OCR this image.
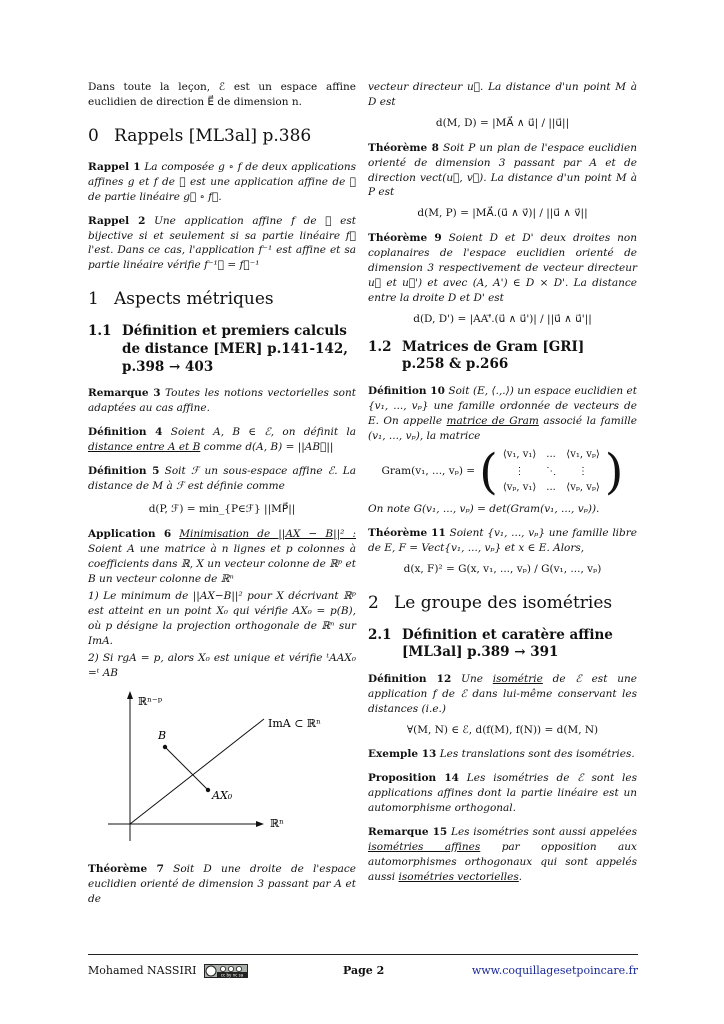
Dans toute la leçon, ℰ est un espace affine euclidien de direction E⃗ de dimension n.

0 Rappels [ML3al] p.386

Rappel 1 La composée g ∘ f de deux applications affines g et f de ℰ est une application affine de ℰ de partie linéaire g⃗ ∘ f⃗.

Rappel 2 Une application affine f de ℰ est bijective si et seulement si sa partie linéaire f⃗ l'est. Dans ce cas, l'application f⁻¹ est affine et sa partie linéaire vérifie f⁻¹⃗ = f⃗⁻¹

1 Aspects métriques
1.1 Définition et premiers calculs de distance [MER] p.141-142, p.398 → 403

Remarque 3 Toutes les notions vectorielles sont adaptées au cas affine.

Définition 4 Soient A, B ∈ ℰ, on définit la distance entre A et B comme d(A, B) = ||AB⃗||

Définition 5 Soit ℱ un sous-espace affine ℰ. La distance de M à ℱ est définie comme

d(P, ℱ) = min_{P∈ℱ} ||MP⃗||

Application 6 Minimisation de ||AX − B||² : Soient A une matrice à n lignes et p colonnes à coefficients dans ℝ, X un vecteur colonne de ℝᵖ et B un vecteur colonne de ℝⁿ

1) Le minimum de ||AX−B||² pour X décrivant ℝᵖ est atteint en un point X₀ qui vérifie AX₀ = p(B), où p désigne la projection orthogonale de ℝⁿ sur ImA.

2) Si rgA = p, alors X₀ est unique et vérifie ᵗAAX₀ =ᵗ AB

ℝⁿ⁻ᵖ
ℝⁿ
ImA ⊂ ℝⁿ
B
AX₀

Théorème 7 Soit D une droite de l'espace euclidien orienté de dimension 3 passant par A et de

vecteur directeur u⃗. La distance d'un point M à D est

d(M, D) = |MA⃗ ∧ u⃗| / ||u⃗||

Théorème 8 Soit P un plan de l'espace euclidien orienté de dimension 3 passant par A et de direction vect(u⃗, v⃗). La distance d'un point M à P est

d(M, P) = |MA⃗.(u⃗ ∧ v⃗)| / ||u⃗ ∧ v⃗||

Théorème 9 Soient D et D' deux droites non coplanaires de l'espace euclidien orienté de dimension 3 respectivement de vecteur directeur u⃗ et u⃗') et avec (A, A') ∈ D × D'. La distance entre la droite D et D' est

d(D, D') = |AA'⃗.(u⃗ ∧ u⃗')| / ||u⃗ ∧ u⃗'||
1.2 Matrices de Gram [GRI] p.258 & p.266

Définition 10 Soit (E, ⟨.,.⟩) un espace euclidien et {v₁, ..., vₚ} une famille ordonnée de vecteurs de E. On appelle matrice de Gram associé la famille (v₁, ..., vₚ), la matrice

Gram(v₁, ..., vₚ) = ( ⟨v₁, v₁⟩	...	⟨v₁, vₚ⟩
⋮	⋱	⋮
⟨vₚ, v₁⟩	...	⟨vₚ, vₚ⟩ )

On note G(v₁, ..., vₚ) = det(Gram(v₁, ..., vₚ)).

Théorème 11 Soient {v₁, ..., vₚ} une famille libre de E, F = Vect{v₁, ..., vₚ} et x ∈ E. Alors,

d(x, F)² = G(x, v₁, ..., vₚ) / G(v₁, ..., vₚ)
2 Le groupe des isométries
2.1 Définition et caratère affine [ML3al] p.389 → 391

Définition 12 Une isométrie de ℰ est une application f de ℰ dans lui-même conservant les distances (i.e.)

∀(M, N) ∈ ℰ, d(f(M), f(N)) = d(M, N)

Exemple 13 Les translations sont des isométries.

Proposition 14 Les isométries de ℰ sont les applications affines dont la partie linéaire est un automorphisme orthogonal.

Remarque 15 Les isométries sont aussi appelées isométries affines par opposition aux automorphismes orthogonaux qui sont appelés aussi isométries vectorielles.

Mohamed NASSIRI	cc by nc sa	Page 2	www.coquillagesetpoincare.fr
